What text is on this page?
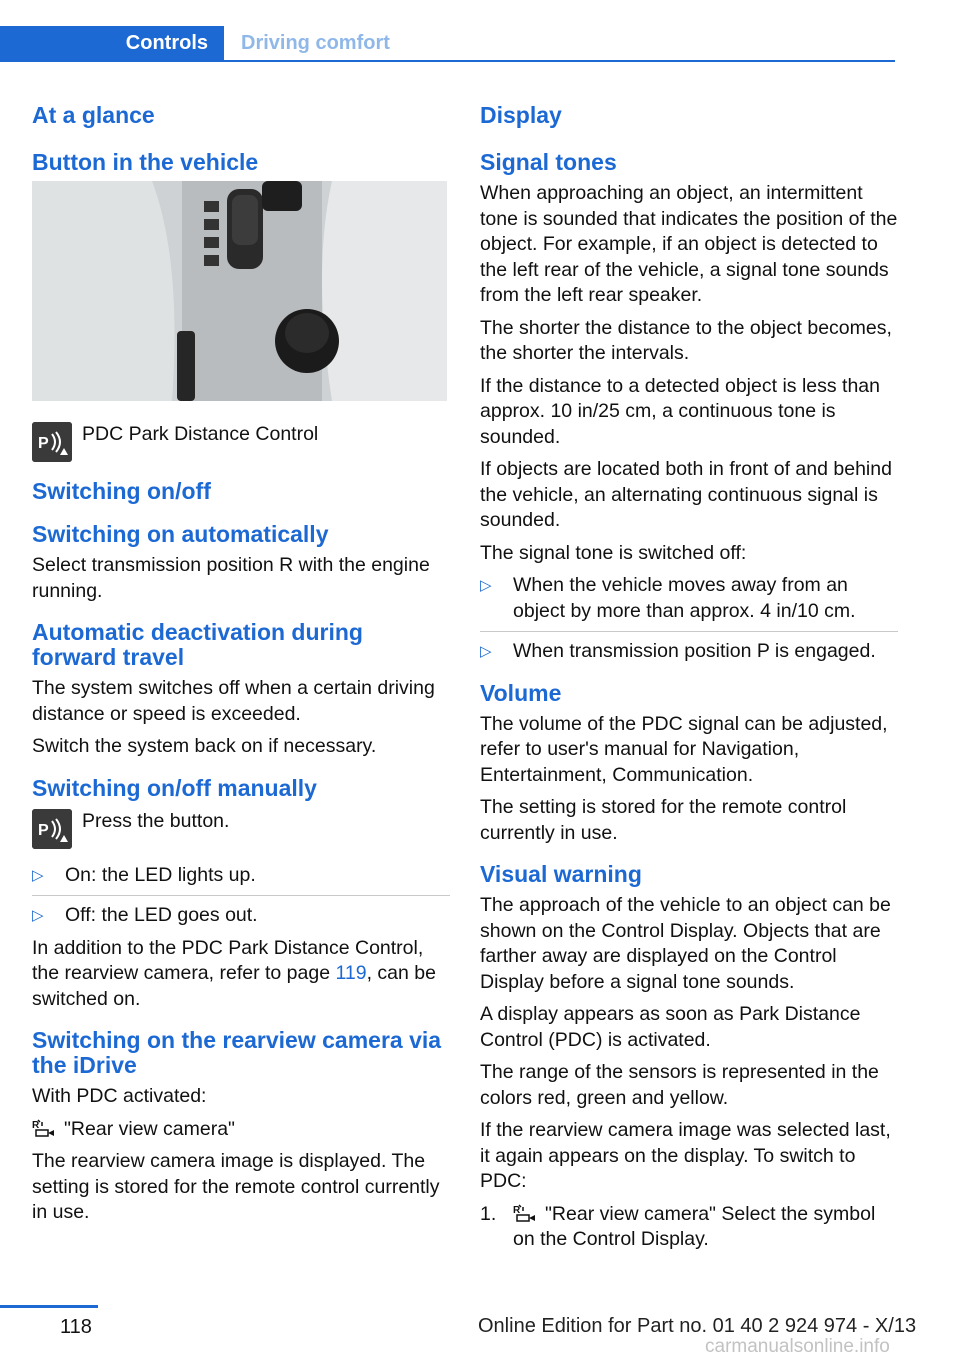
Controls	Driving comfort
At a glance
Button in the vehicle
P PDC Park Distance Control

Switching on/off
Switching on automatically

Select transmission position R with the engine running.

Automatic deactivation during forward travel

The system switches off when a certain driving distance or speed is exceeded.

Switch the system back on if necessary.

Switching on/off manually
P Press the button.

▷ On: the LED lights up.
▷ Off: the LED goes out.

In addition to the PDC Park Distance Control, the rearview camera, refer to page 119, can be switched on.

Switching on the rearview camera via the iDrive

With PDC activated:

R "Rear view camera"

The rearview camera image is displayed. The setting is stored for the remote control currently in use.

Display
Signal tones

When approaching an object, an intermittent tone is sounded that indicates the position of the object. For example, if an object is detected to the left rear of the vehicle, a signal tone sounds from the left rear speaker.

The shorter the distance to the object becomes, the shorter the intervals.

If the distance to a detected object is less than approx. 10 in/25 cm, a continuous tone is sounded.

If objects are located both in front of and behind the vehicle, an alternating continuous signal is sounded.

The signal tone is switched off:

▷ When the vehicle moves away from an object by more than approx. 4 in/10 cm.
▷ When transmission position P is engaged.
Volume

The volume of the PDC signal can be adjusted, refer to user's manual for Navigation, Entertainment, Communication.

The setting is stored for the remote control currently in use.

Visual warning

The approach of the vehicle to an object can be shown on the Control Display. Objects that are farther away are displayed on the Control Display before a signal tone sounds.

A display appears as soon as Park Distance Control (PDC) is activated.

The range of the sensors is represented in the colors red, green and yellow.

If the rearview camera image was selected last, it again appears on the display. To switch to PDC:

1. R "Rear view camera" Select the symbol on the Control Display.
118	Online Edition for Part no. 01 40 2 924 974 - X/13
carmanualsonline.info
